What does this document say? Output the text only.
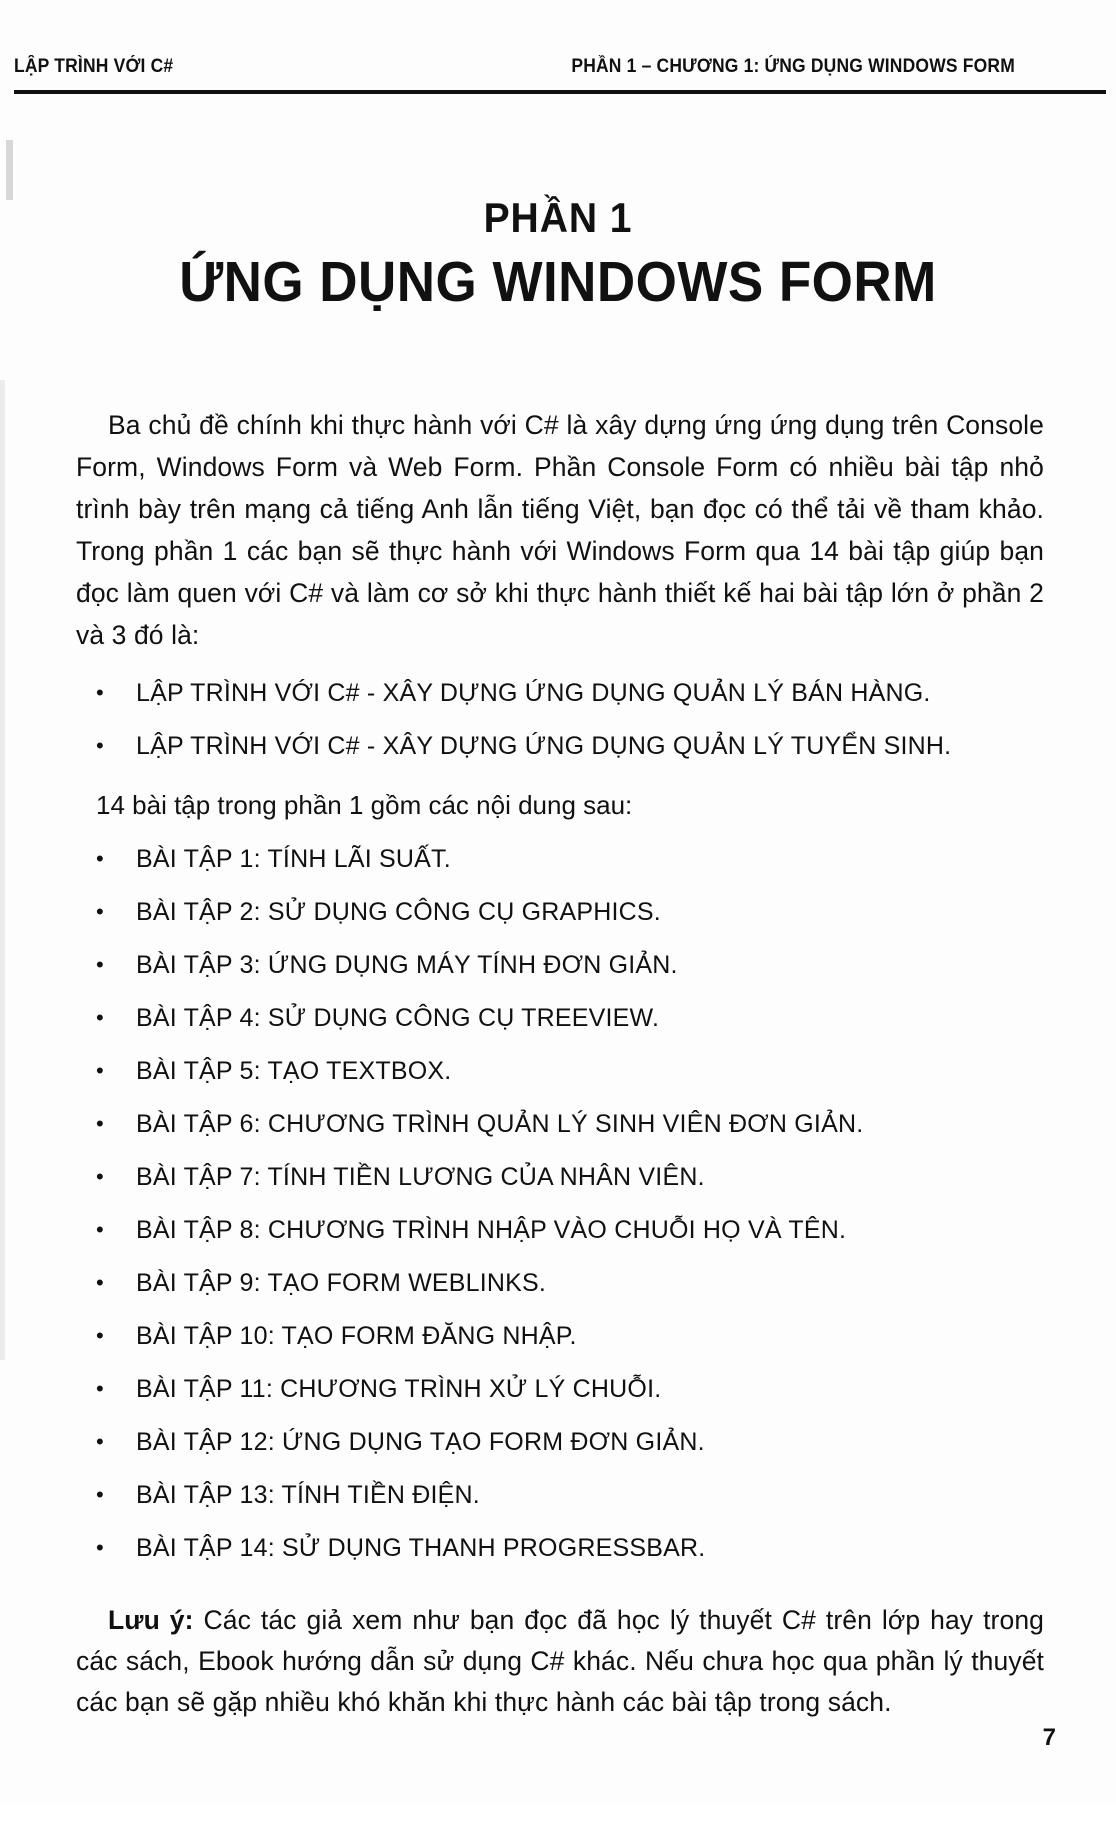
LẬP TRÌNH VỚI C#	PHẦN 1 – CHƯƠNG 1: ỨNG DỤNG WINDOWS FORM
PHẦN 1
ỨNG DỤNG WINDOWS FORM

Ba chủ đề chính khi thực hành với C# là xây dựng ứng ứng dụng trên Console Form, Windows Form và Web Form. Phần Console Form có nhiều bài tập nhỏ trình bày trên mạng cả tiếng Anh lẫn tiếng Việt, bạn đọc có thể tải về tham khảo. Trong phần 1 các bạn sẽ thực hành với Windows Form qua 14 bài tập giúp bạn đọc làm quen với C# và làm cơ sở khi thực hành thiết kế hai bài tập lớn ở phần 2 và 3 đó là:

• LẬP TRÌNH VỚI C# - XÂY DỰNG ỨNG DỤNG QUẢN LÝ BÁN HÀNG.
• LẬP TRÌNH VỚI C# - XÂY DỰNG ỨNG DỤNG QUẢN LÝ TUYỂN SINH.
14 bài tập trong phần 1 gồm các nội dung sau:
• BÀI TẬP 1: TÍNH LÃI SUẤT.
• BÀI TẬP 2: SỬ DỤNG CÔNG CỤ GRAPHICS.
• BÀI TẬP 3: ỨNG DỤNG MÁY TÍNH ĐƠN GIẢN.
• BÀI TẬP 4: SỬ DỤNG CÔNG CỤ TREEVIEW.
• BÀI TẬP 5: TẠO TEXTBOX.
• BÀI TẬP 6: CHƯƠNG TRÌNH QUẢN LÝ SINH VIÊN ĐƠN GIẢN.
• BÀI TẬP 7: TÍNH TIỀN LƯƠNG CỦA NHÂN VIÊN.
• BÀI TẬP 8: CHƯƠNG TRÌNH NHẬP VÀO CHUỖI HỌ VÀ TÊN.
• BÀI TẬP 9: TẠO FORM WEBLINKS.
• BÀI TẬP 10: TẠO FORM ĐĂNG NHẬP.
• BÀI TẬP 11: CHƯƠNG TRÌNH XỬ LÝ CHUỖI.
• BÀI TẬP 12: ỨNG DỤNG TẠO FORM ĐƠN GIẢN.
• BÀI TẬP 13: TÍNH TIỀN ĐIỆN.
• BÀI TẬP 14: SỬ DỤNG THANH PROGRESSBAR.

Lưu ý: Các tác giả xem như bạn đọc đã học lý thuyết C# trên lớp hay trong các sách, Ebook hướng dẫn sử dụng C# khác. Nếu chưa học qua phần lý thuyết các bạn sẽ gặp nhiều khó khăn khi thực hành các bài tập trong sách.

7
